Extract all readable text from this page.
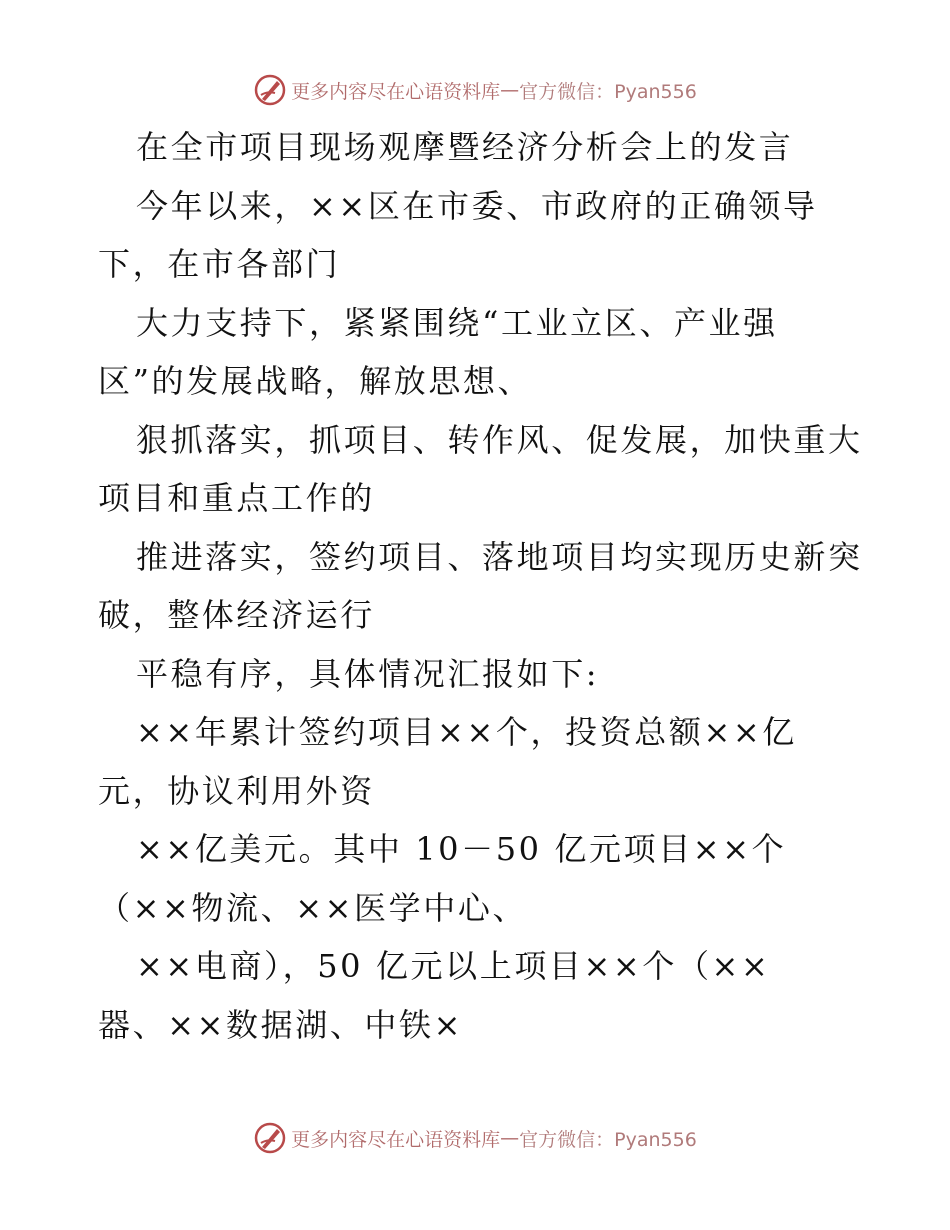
更多内容尽在心语资料库 — 官方微信：Pyan556
在全市项目现场观摩暨经济分析会上的发言
今年以来，××区在市委、市政府的正确领导
下，在市各部门
大力支持下，紧紧围绕“工业立区、产业强
区”的发展战略，解放思想、
狠抓落实，抓项目、转作风、促发展，加快重大
项目和重点工作的
推进落实，签约项目、落地项目均实现历史新突
破，整体经济运行
平稳有序，具体情况汇报如下:
××年累计签约项目××个，投资总额××亿
元，协议利用外资
××亿美元。其中 10－50 亿元项目××个
（××物流、××医学中心、
××电商），50 亿元以上项目××个（××
器、××数据湖、中铁×
更多内容尽在心语资料库 — 官方微信：Pyan556
